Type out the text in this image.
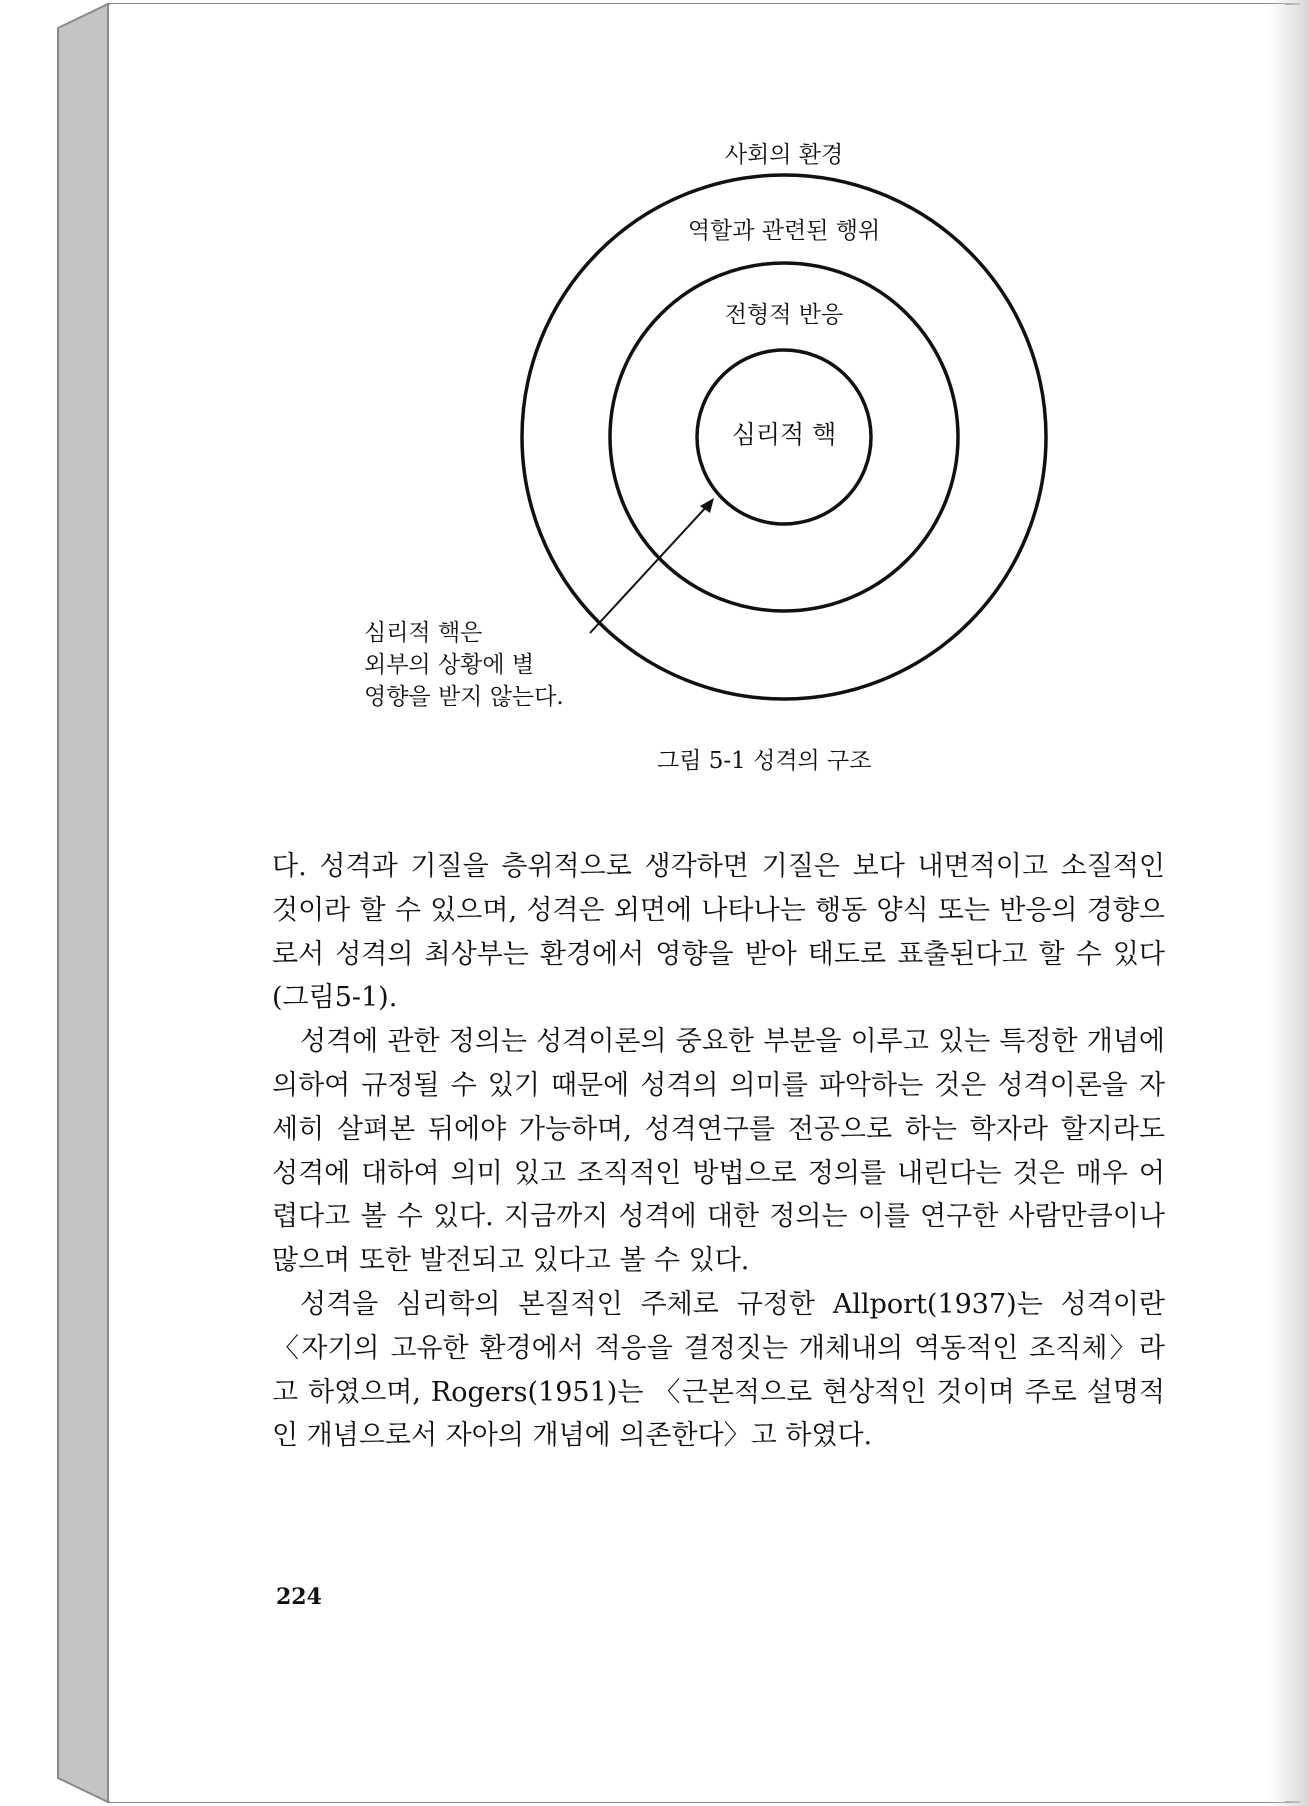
사회의 환경
역할과 관련된 행위
전형적 반응
심리적 핵
심리적 핵은
외부의 상황에 별
영향을 받지 않는다.
그림 5-1 성격의 구조

다. 성격과 기질을 층위적으로 생각하면 기질은 보다 내면적이고 소질적인 것이라 할 수 있으며, 성격은 외면에 나타나는 행동 양식 또는 반응의 경향으로서 성격의 최상부는 환경에서 영향을 받아 태도로 표출된다고 할 수 있다(그림5-1).

성격에 관한 정의는 성격이론의 중요한 부분을 이루고 있는 특정한 개념에 의하여 규정될 수 있기 때문에 성격의 의미를 파악하는 것은 성격이론을 자세히 살펴본 뒤에야 가능하며, 성격연구를 전공으로 하는 학자라 할지라도 성격에 대하여 의미 있고 조직적인 방법으로 정의를 내린다는 것은 매우 어렵다고 볼 수 있다. 지금까지 성격에 대한 정의는 이를 연구한 사람만큼이나 많으며 또한 발전되고 있다고 볼 수 있다.

성격을 심리학의 본질적인 주체로 규정한 Allport(1937)는 성격이란 〈자기의 고유한 환경에서 적응을 결정짓는 개체내의 역동적인 조직체〉라고 하였으며, Rogers(1951)는 〈근본적으로 현상적인 것이며 주로 설명적인 개념으로서 자아의 개념에 의존한다〉고 하였다.

224
